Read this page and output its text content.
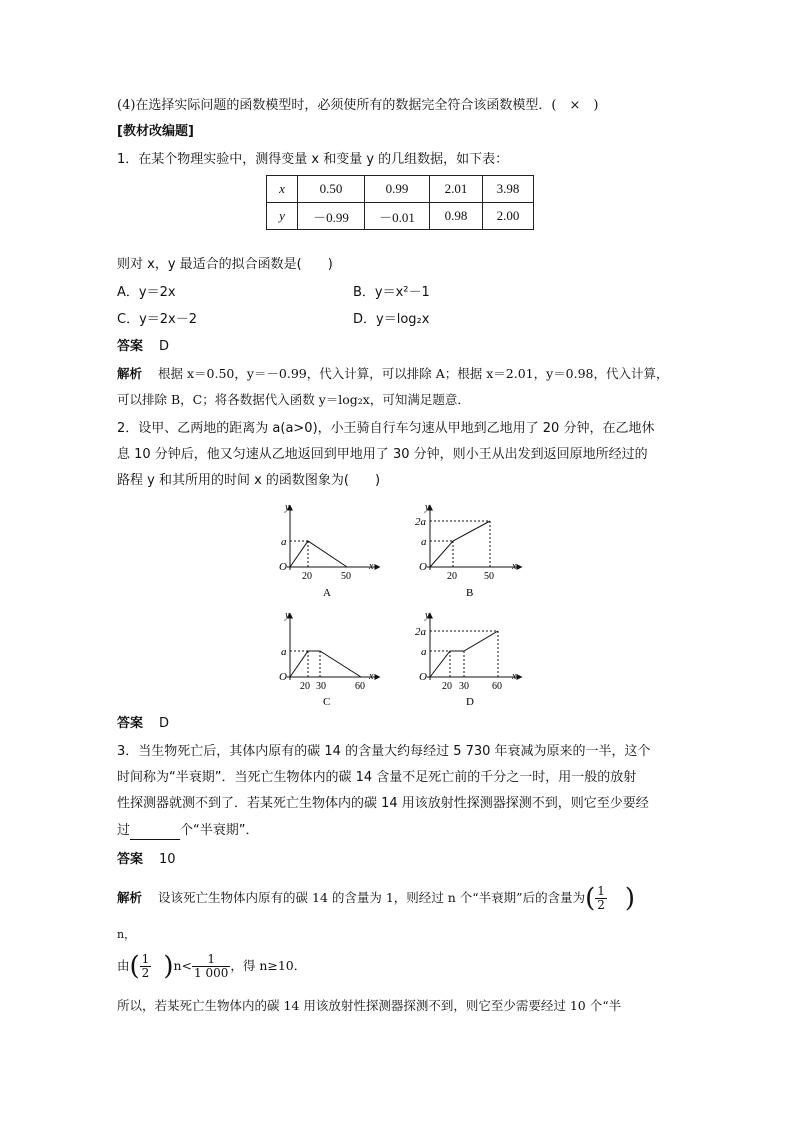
(4)在选择实际问题的函数模型时，必须使所有的数据完全符合该函数模型．(　×　)
[教材改编题]
1．在某个物理实验中，测得变量 x 和变量 y 的几组数据，如下表：
x	0.50	0.99	2.01	3.98
y	－0.99	－0.01	0.98	2.00
则对 x，y 最适合的拟合函数是(　　)
A．y＝2x	B．y＝x²－1
C．y＝2x－2	D．y＝log₂x
答案 D
解析 根据 x＝0.50，y＝－0.99，代入计算，可以排除 A；根据 x＝2.01，y＝0.98，代入计算，
可以排除 B，C；将各数据代入函数 y＝log₂x，可知满足题意．
2．设甲、乙两地的距离为 a(a>0)，小王骑自行车匀速从甲地到乙地用了 20 分钟，在乙地休
息 10 分钟后，他又匀速从乙地返回到甲地用了 30 分钟，则小王从出发到返回原地所经过的
路程 y 和其所用的时间 x 的函数图象为(　　)
y
x
O
a
20	50
A
y
x
O
2a
a
20	50
B
y
x
O
a
20 30	60
C
y
x
O
2a
a
20 30 60
D
答案 D
3．当生物死亡后，其体内原有的碳 14 的含量大约每经过 5 730 年衰减为原来的一半，这个
时间称为“半衰期”．当死亡生物体内的碳 14 含量不足死亡前的千分之一时，用一般的放射
性探测器就测不到了．若某死亡生物体内的碳 14 用该放射性探测器探测不到，则它至少要经
过	个“半衰期”．
答案 10
解析 设该死亡生物体内原有的碳 14 的含量为 1，则经过 n 个“半衰期”后的含量为( $\frac{1}{2}$ )
n，
由( $\frac{1}{2} )n< \frac{1}{1 000}$ ，得 n≥10．
所以，若某死亡生物体内的碳 14 用该放射性探测器探测不到，则它至少需要经过 10 个“半
